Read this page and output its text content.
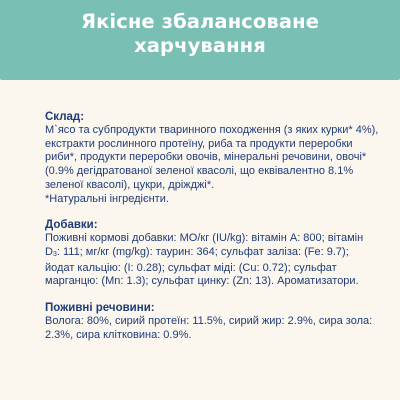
Якісне збалансоване
харчування
Склад:

М`ясо та субпродукти тваринного походження (з яких курки* 4%), екстракти рослинного протеїну, риба та продукти переробки риби*, продукти переробки овочів, мінеральні речовини, овочі* (0.9% дегідратованої зеленої квасолі, що еквівалентно 8.1% зеленої квасолі), цукри, дріжджі*.

*Натуральні інгредієнти.

Добавки:

Поживні кормові добавки: МО/кг (IU/kg): вітамін A: 800; вітамін D3: 111; мг/кг (mg/kg): таурин: 364; сульфат заліза: (Fe: 9.7); йодат кальцію: (I: 0.28); сульфат міді: (Cu: 0.72); сульфат марганцю: (Mn: 1.3); сульфат цинку: (Zn: 13). Ароматизатори.

Поживні речовини:

Волога: 80%, сирий протеїн: 11.5%, сирий жир: 2.9%, сира зола: 2.3%, сира клітковина: 0.9%.
